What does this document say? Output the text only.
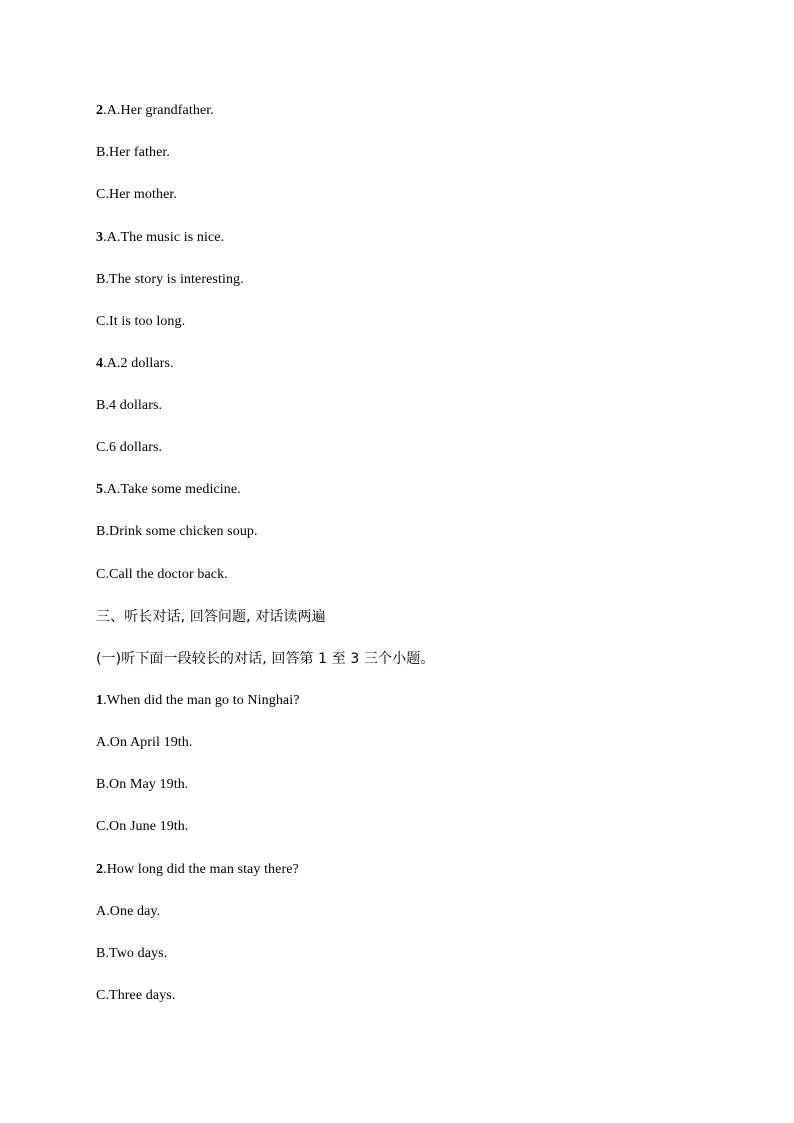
2.A.Her grandfather.
B.Her father.
C.Her mother.
3.A.The music is nice.
B.The story is interesting.
C.It is too long.
4.A.2 dollars.
B.4 dollars.
C.6 dollars.
5.A.Take some medicine.
B.Drink some chicken soup.
C.Call the doctor back.
三、听长对话, 回答问题, 对话读两遍
(一)听下面一段较长的对话, 回答第 1 至 3 三个小题。
1.When did the man go to Ninghai?
A.On April 19th.
B.On May 19th.
C.On June 19th.
2.How long did the man stay there?
A.One day.
B.Two days.
C.Three days.
